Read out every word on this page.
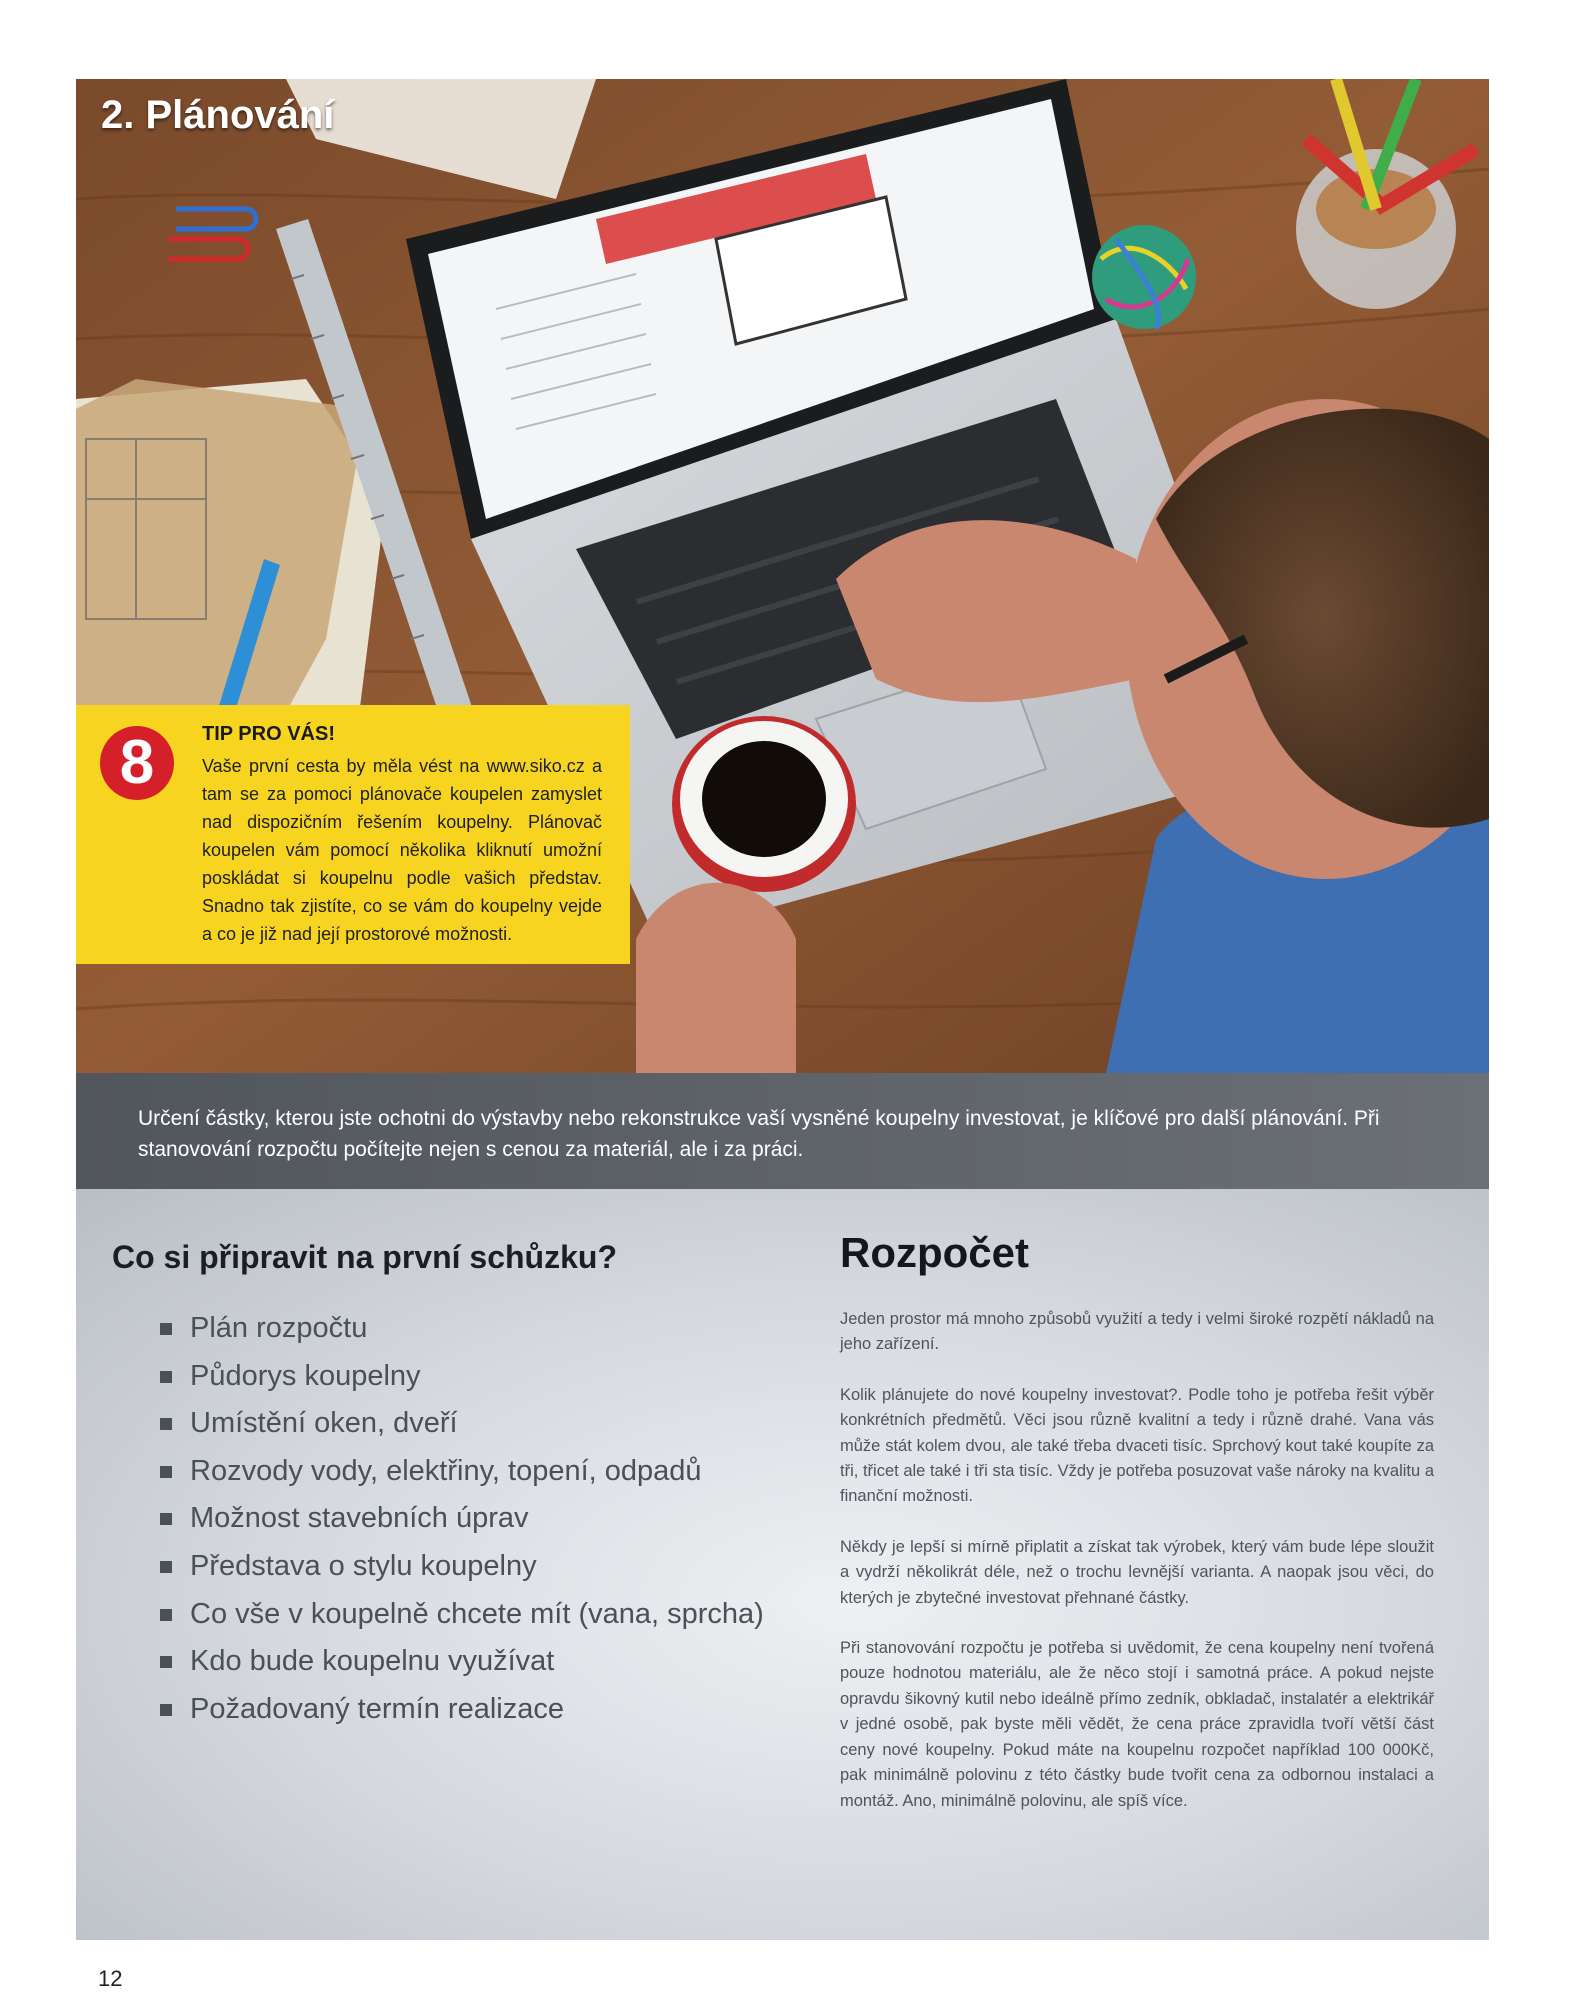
2. Plánování
8	TIP PRO VÁS!
Vaše první cesta by měla vést na www.siko.cz a tam se za pomoci plánovače koupelen zamyslet nad dispozičním řešením koupelny. Plánovač koupelen vám pomocí několika kliknutí umožní poskládat si koupelnu podle vašich představ. Snadno tak zjistíte, co se vám do koupelny vejde a co je již nad její prostorové možnosti.
Určení částky, kterou jste ochotni do výstavby nebo rekonstrukce vaší vysněné koupelny investovat, je klíčové pro další plánování. Při stanovování rozpočtu počítejte nejen s cenou za materiál, ale i za práci.
Co si připravit na první schůzku?
Plán rozpočtu
Půdorys koupelny
Umístění oken, dveří
Rozvody vody, elektřiny, topení, odpadů
Možnost stavebních úprav
Představa o stylu koupelny
Co vše v koupelně chcete mít (vana, sprcha)
Kdo bude koupelnu využívat
Požadovaný termín realizace
Rozpočet

Jeden prostor má mnoho způsobů využití a tedy i velmi široké rozpětí nákladů na jeho zařízení.

Kolik plánujete do nové koupelny investovat?. Podle toho je potřeba řešit výběr konkrétních předmětů. Věci jsou různě kvalitní a tedy i různě drahé. Vana vás může stát kolem dvou, ale také třeba dvaceti tisíc. Sprchový kout také koupíte za tři, třicet ale také i tři sta tisíc. Vždy je potřeba posuzovat vaše nároky na kvalitu a finanční možnosti.

Někdy je lepší si mírně připlatit a získat tak výrobek, který vám bude lépe sloužit a vydrží několikrát déle, než o trochu levnější varianta. A naopak jsou věci, do kterých je zbytečné investovat přehnané částky.

Při stanovování rozpočtu je potřeba si uvědomit, že cena koupelny není tvořená pouze hodnotou materiálu, ale že něco stojí i samotná práce. A pokud nejste opravdu šikovný kutil nebo ideálně přímo zedník, obkladač, instalatér a elektrikář v jedné osobě, pak byste měli vědět, že cena práce zpravidla tvoří větší část ceny nové koupelny. Pokud máte na koupelnu rozpočet například 100 000Kč, pak minimálně polovinu z této částky bude tvořit cena za odbornou instalaci a montáž. Ano, minimálně polovinu, ale spíš více.

12
